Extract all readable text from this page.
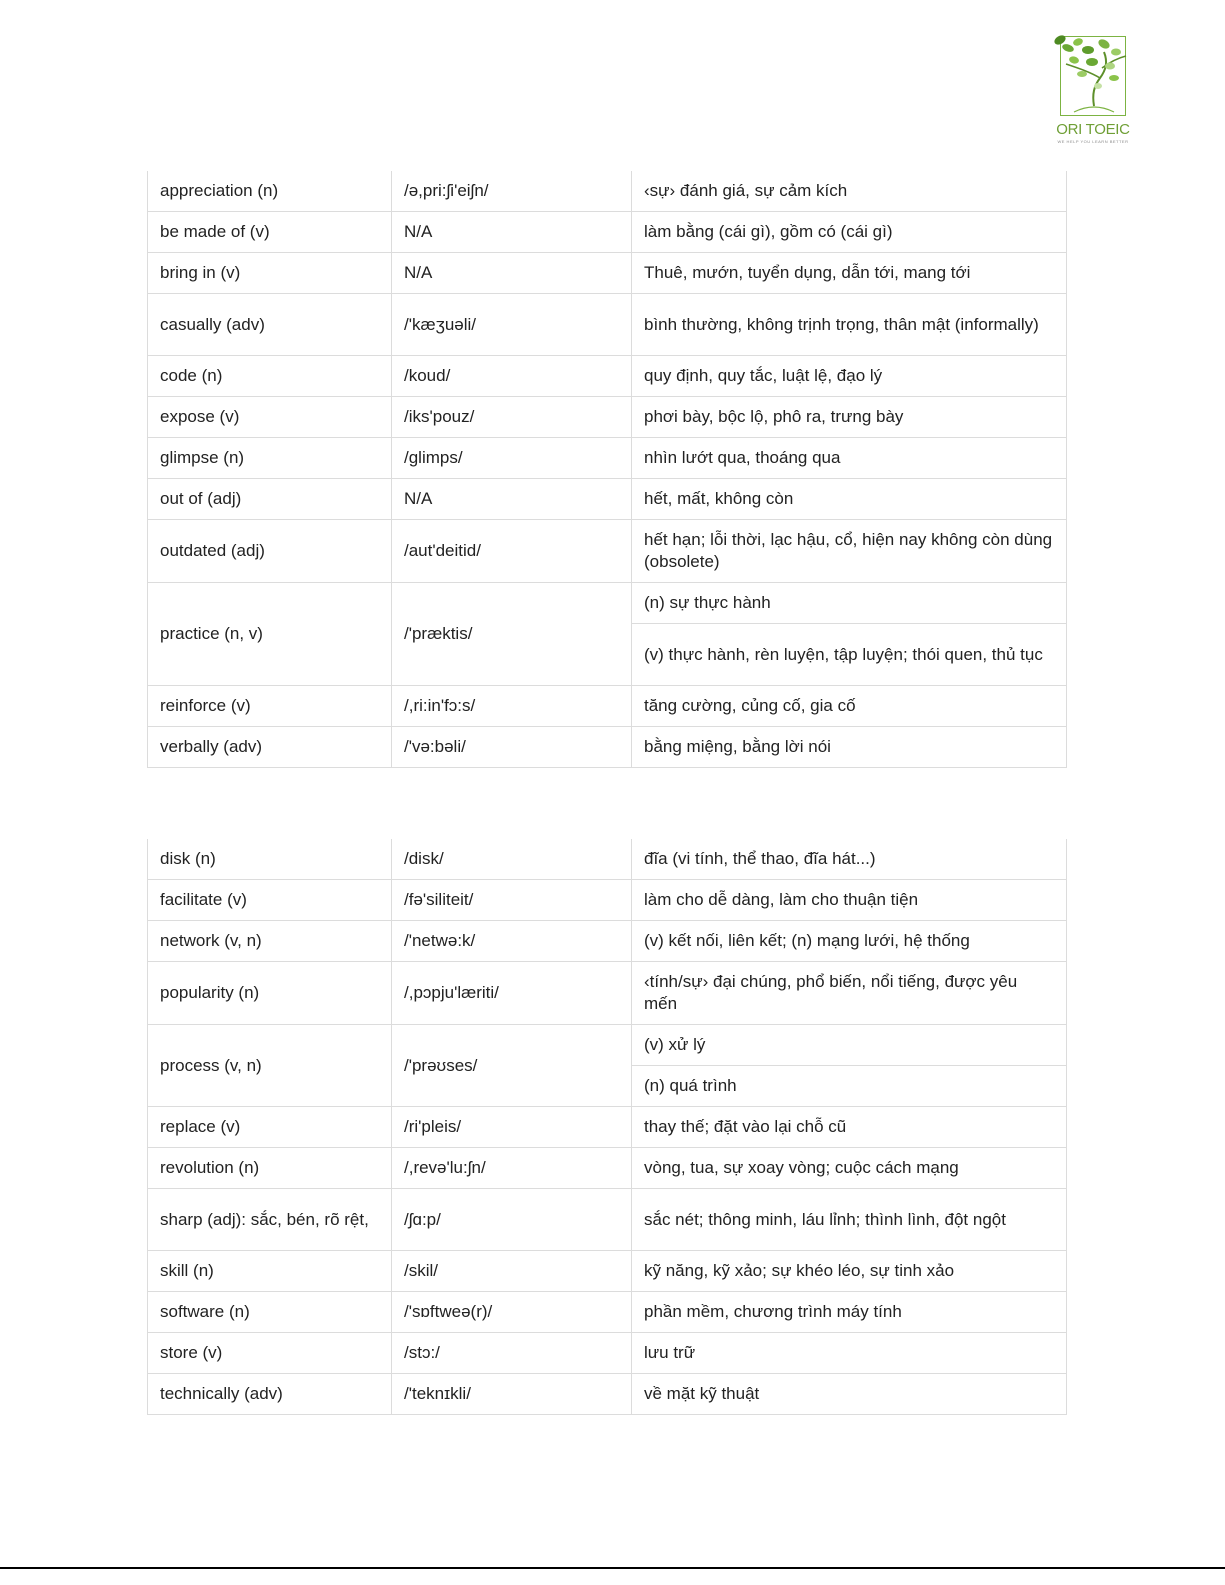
ORI TOEIC
WE HELP YOU LEARN BETTER
appreciation (n)	/ə,pri:ʃi'eiʃn/	‹sự› đánh giá, sự cảm kích
be made of (v)	N/A	làm bằng (cái gì), gồm có (cái gì)
bring in (v)	N/A	Thuê, mướn, tuyển dụng, dẫn tới, mang tới
casually (adv)	/'kæʒuəli/	bình thường, không trịnh trọng, thân mật (informally)
code (n)	/koud/	quy định, quy tắc, luật lệ, đạo lý
expose (v)	/iks'pouz/	phơi bày, bộc lộ, phô ra, trưng bày
glimpse (n)	/glimps/	nhìn lướt qua, thoáng qua
out of (adj)	N/A	hết, mất, không còn
outdated (adj)	/aut'deitid/	hết hạn; lỗi thời, lạc hậu, cổ, hiện nay không còn dùng (obsolete)
practice (n, v)	/'præktis/	(n) sự thực hành
		(v) thực hành, rèn luyện, tập luyện; thói quen, thủ tục
reinforce (v)	/,ri:in'fɔ:s/	tăng cường, củng cố, gia cố
verbally (adv)	/'və:bəli/	bằng miệng, bằng lời nói
disk (n)	/disk/	đĩa (vi tính, thể thao, đĩa hát...)
facilitate (v)	/fə'siliteit/	làm cho dễ dàng, làm cho thuận tiện
network (v, n)	/'netwə:k/	(v) kết nối, liên kết; (n) mạng lưới, hệ thống
popularity (n)	/,pɔpju'læriti/	‹tính/sự› đại chúng, phổ biến, nổi tiếng, được yêu mến
process (v, n)	/'prəʊses/	(v) xử lý
		(n) quá trình
replace (v)	/ri'pleis/	thay thế; đặt vào lại chỗ cũ
revolution (n)	/,revə'lu:ʃn/	vòng, tua, sự xoay vòng; cuộc cách mạng
sharp (adj): sắc, bén, rõ rệt,	/ʃɑ:p/	sắc nét; thông minh, láu lỉnh; thình lình, đột ngột
skill (n)	/skil/	kỹ năng, kỹ xảo; sự khéo léo, sự tinh xảo
software (n)	/'sɒftweə(r)/	phần mềm, chương trình máy tính
store (v)	/stɔ:/	lưu trữ
technically (adv)	/'teknɪkli/	về mặt kỹ thuật
